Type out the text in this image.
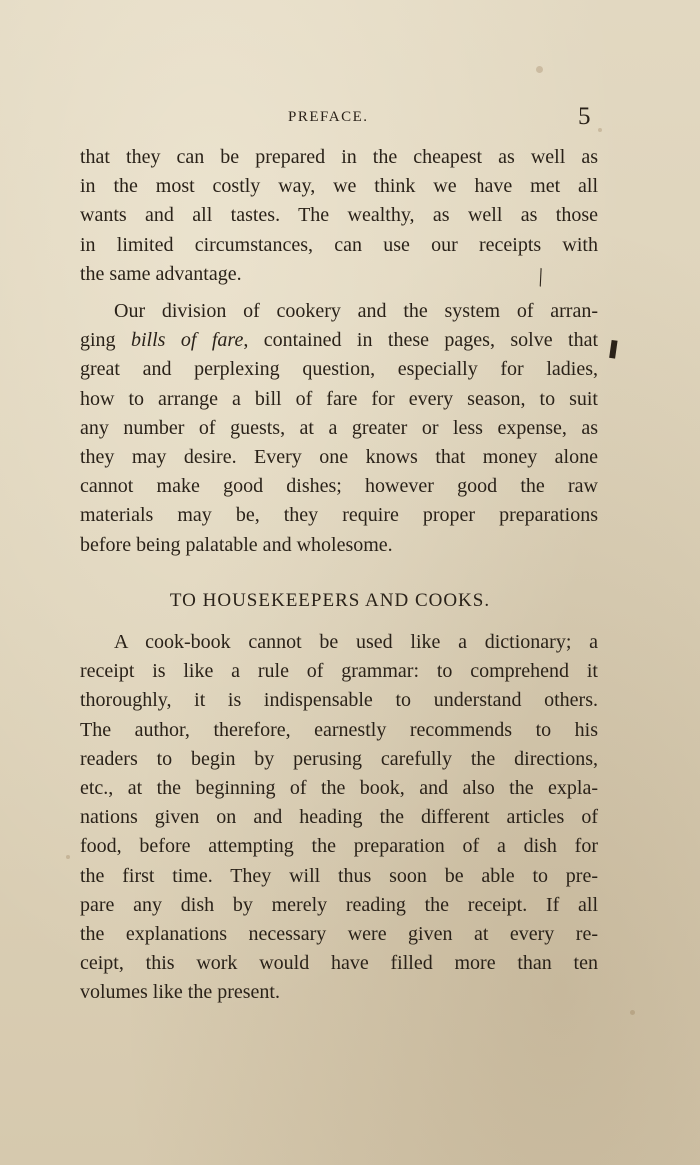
❚
╲
PREFACE.	5
that they can be prepared in the cheapest as well as
in the most costly way, we think we have met all
wants and all tastes. The wealthy, as well as those
in limited circumstances, can use our receipts with
the same advantage.
Our division of cookery and the system of arran-
ging bills of fare, contained in these pages, solve that
great and perplexing question, especially for ladies,
how to arrange a bill of fare for every season, to suit
any number of guests, at a greater or less expense, as
they may desire. Every one knows that money alone
cannot make good dishes; however good the raw
materials may be, they require proper preparations
before being palatable and wholesome.
TO HOUSEKEEPERS AND COOKS.
A cook-book cannot be used like a dictionary; a
receipt is like a rule of grammar: to comprehend it
thoroughly, it is indispensable to understand others.
The author, therefore, earnestly recommends to his
readers to begin by perusing carefully the directions,
etc., at the beginning of the book, and also the expla-
nations given on and heading the different articles of
food, before attempting the preparation of a dish for
the first time. They will thus soon be able to pre-
pare any dish by merely reading the receipt. If all
the explanations necessary were given at every re-
ceipt, this work would have filled more than ten
volumes like the present.
